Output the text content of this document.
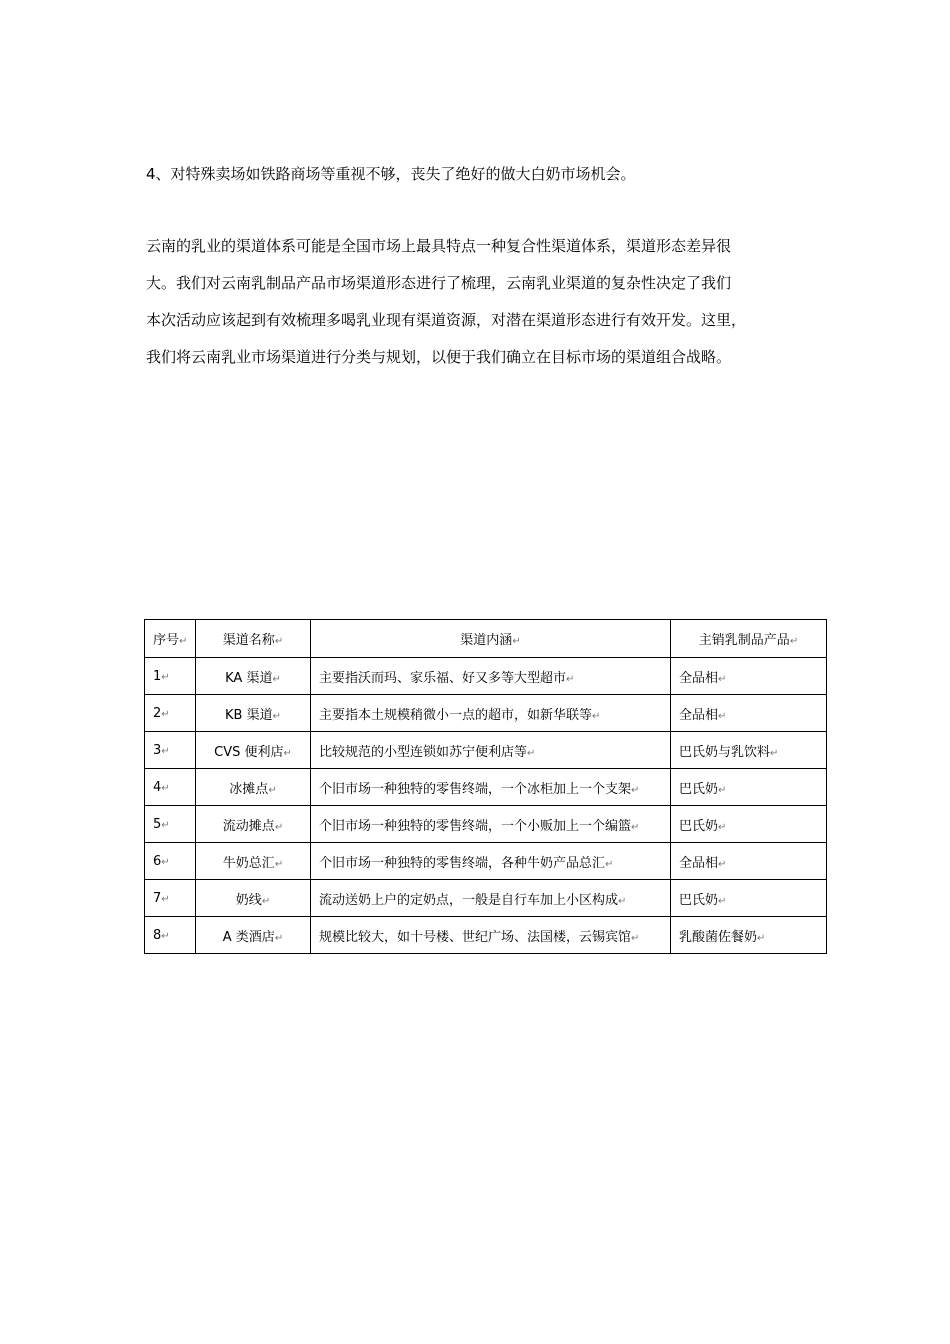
4、对特殊卖场如铁路商场等重视不够，丧失了绝好的做大白奶市场机会。
云南的乳业的渠道体系可能是全国市场上最具特点一种复合性渠道体系，渠道形态差异很
大。我们对云南乳制品产品市场渠道形态进行了梳理，云南乳业渠道的复杂性决定了我们
本次活动应该起到有效梳理多喝乳业现有渠道资源，对潜在渠道形态进行有效开发。这里，
我们将云南乳业市场渠道进行分类与规划，以便于我们确立在目标市场的渠道组合战略。
序号↵	渠道名称↵	渠道内涵↵	主销乳制品产品↵
1↵	KA 渠道↵	主要指沃而玛、家乐福、好又多等大型超市↵	全品相↵
2↵	KB 渠道↵	主要指本土规模稍微小一点的超市，如新华联等↵	全品相↵
3↵	CVS 便利店↵	比较规范的小型连锁如苏宁便利店等↵	巴氏奶与乳饮料↵
4↵	冰摊点↵	个旧市场一种独特的零售终端，一个冰柜加上一个支架↵	巴氏奶↵
5↵	流动摊点↵	个旧市场一种独特的零售终端，一个小贩加上一个编篮↵	巴氏奶↵
6↵	牛奶总汇↵	个旧市场一种独特的零售终端，各种牛奶产品总汇↵	全品相↵
7↵	奶线↵	流动送奶上户的定奶点，一般是自行车加上小区构成↵	巴氏奶↵
8↵	A 类酒店↵	规模比较大，如十号楼、世纪广场、法国楼，云锡宾馆↵	乳酸菌佐餐奶↵
